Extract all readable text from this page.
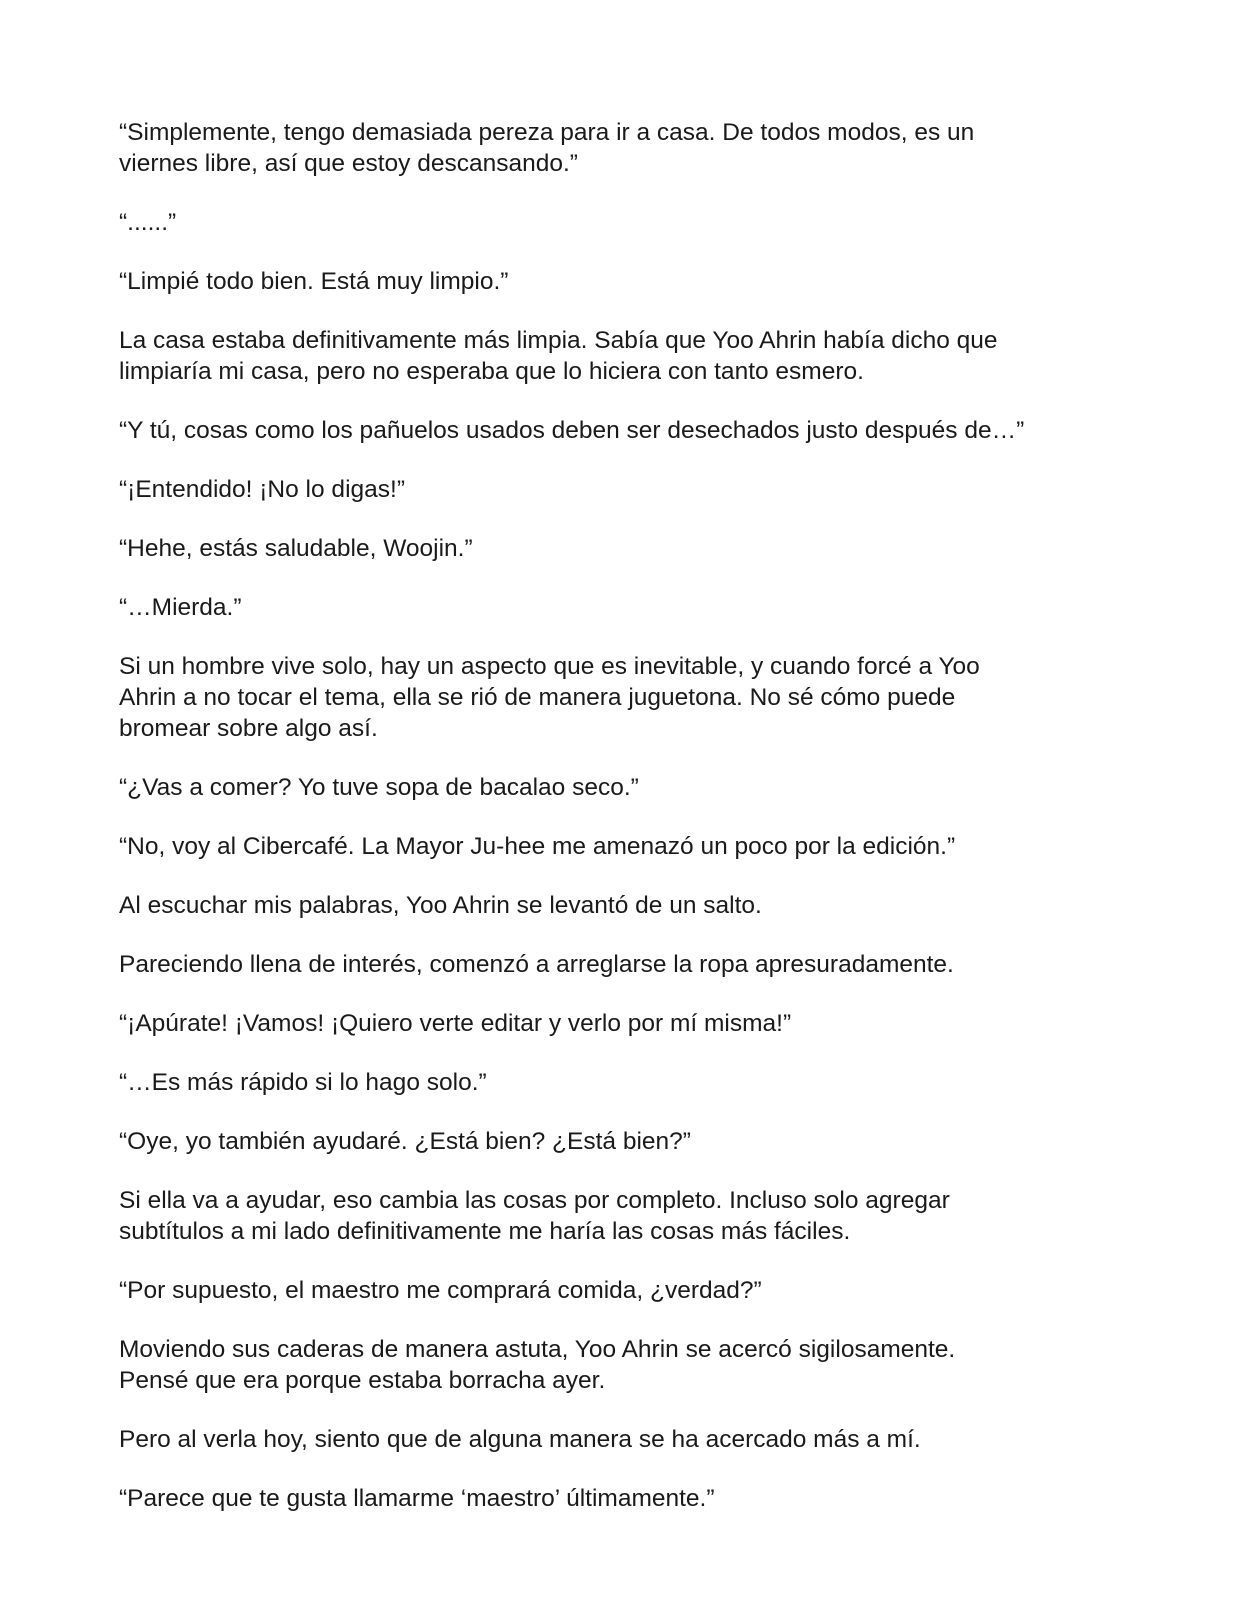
“Simplemente, tengo demasiada pereza para ir a casa. De todos modos, es un
viernes libre, así que estoy descansando.”

“......”

“Limpié todo bien. Está muy limpio.”

La casa estaba definitivamente más limpia. Sabía que Yoo Ahrin había dicho que
limpiaría mi casa, pero no esperaba que lo hiciera con tanto esmero.

“Y tú, cosas como los pañuelos usados deben ser desechados justo después de…”

“¡Entendido! ¡No lo digas!”

“Hehe, estás saludable, Woojin.”

“…Mierda.”

Si un hombre vive solo, hay un aspecto que es inevitable, y cuando forcé a Yoo
Ahrin a no tocar el tema, ella se rió de manera juguetona. No sé cómo puede
bromear sobre algo así.

“¿Vas a comer? Yo tuve sopa de bacalao seco.”

“No, voy al Cibercafé. La Mayor Ju-hee me amenazó un poco por la edición.”

Al escuchar mis palabras, Yoo Ahrin se levantó de un salto.

Pareciendo llena de interés, comenzó a arreglarse la ropa apresuradamente.

“¡Apúrate! ¡Vamos! ¡Quiero verte editar y verlo por mí misma!”

“…Es más rápido si lo hago solo.”

“Oye, yo también ayudaré. ¿Está bien? ¿Está bien?”

Si ella va a ayudar, eso cambia las cosas por completo. Incluso solo agregar
subtítulos a mi lado definitivamente me haría las cosas más fáciles.

“Por supuesto, el maestro me comprará comida, ¿verdad?”

Moviendo sus caderas de manera astuta, Yoo Ahrin se acercó sigilosamente.
Pensé que era porque estaba borracha ayer.

Pero al verla hoy, siento que de alguna manera se ha acercado más a mí.

“Parece que te gusta llamarme ‘maestro’ últimamente.”
